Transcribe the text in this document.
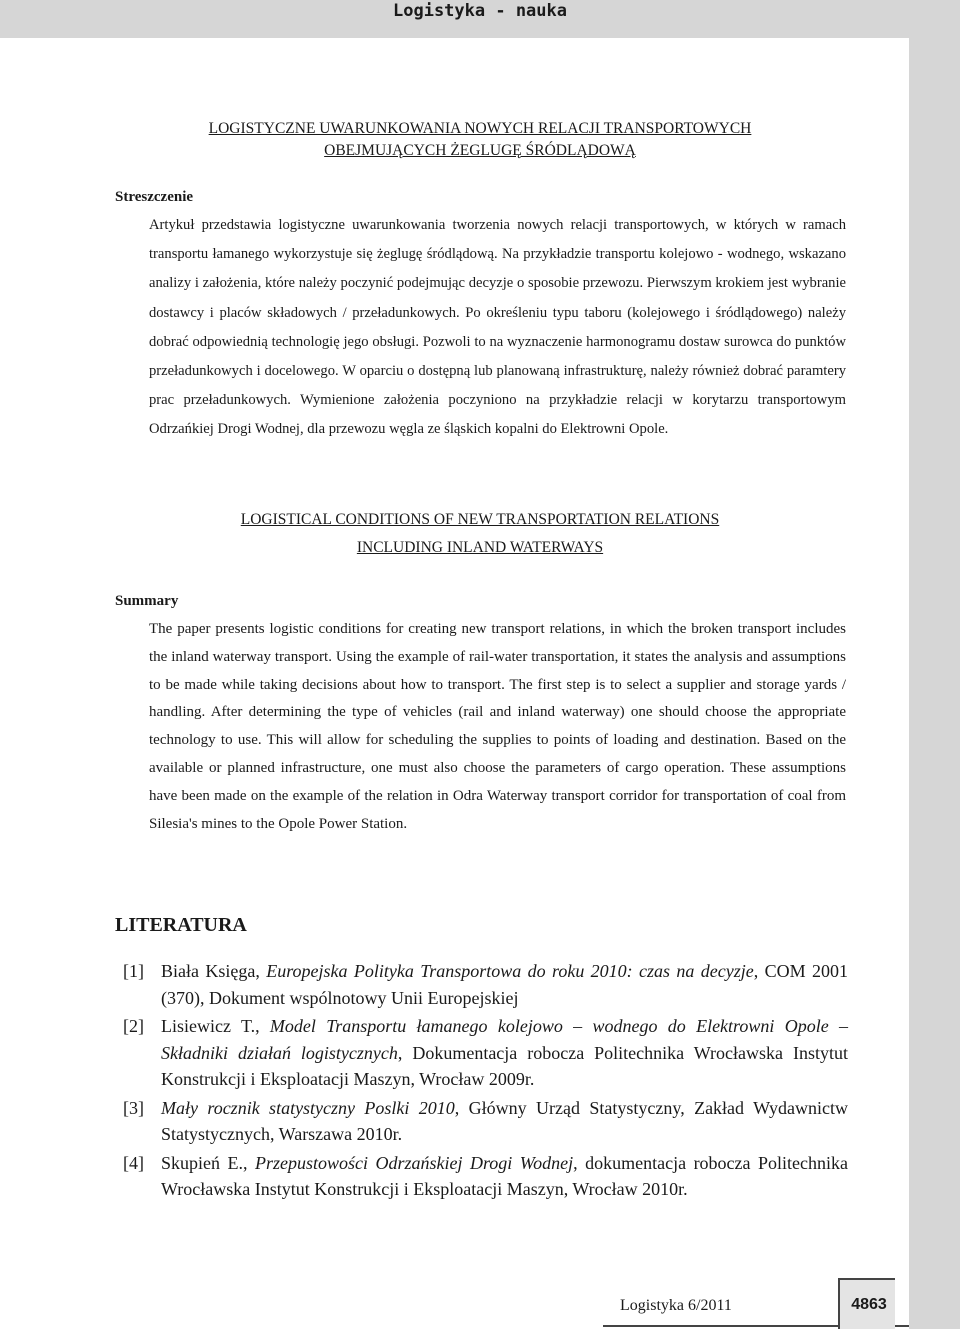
Logistyka - nauka
LOGISTYCZNE UWARUNKOWANIA NOWYCH RELACJI TRANSPORTOWYCH
OBEJMUJĄCYCH ŻEGLUGĘ ŚRÓDLĄDOWĄ
Streszczenie
Artykuł przedstawia logistyczne uwarunkowania tworzenia nowych relacji transportowych, w których w ramach transportu łamanego wykorzystuje się żeglugę śródlądową. Na przykładzie transportu kolejowo - wodnego, wskazano analizy i założenia, które należy poczynić podejmując decyzje o sposobie przewozu. Pierwszym krokiem jest wybranie dostawcy i placów składowych / przeładunkowych. Po określeniu typu taboru (kolejowego i śródlądowego) należy dobrać odpowiednią technologię jego obsługi. Pozwoli to na wyznaczenie harmonogramu dostaw surowca do punktów przeładunkowych i docelowego. W oparciu o dostępną lub planowaną infrastrukturę, należy również dobrać paramtery prac przeładunkowych. Wymienione założenia poczyniono na przykładzie relacji w korytarzu transportowym Odrzańkiej Drogi Wodnej, dla przewozu węgla ze śląskich kopalni do Elektrowni Opole.
LOGISTICAL CONDITIONS OF NEW TRANSPORTATION RELATIONS
INCLUDING INLAND WATERWAYS
Summary
The paper presents logistic conditions for creating new transport relations, in which the broken transport includes the inland waterway transport. Using the example of rail-water transportation, it states the analysis and assumptions to be made while taking decisions about how to transport. The first step is to select a supplier and storage yards / handling. After determining the type of vehicles (rail and inland waterway) one should choose the appropriate technology to use. This will allow for scheduling the supplies to points of loading and destination. Based on the available or planned infrastructure, one must also choose the parameters of cargo operation. These assumptions have been made on the example of the relation in Odra Waterway transport corridor for transportation of coal from Silesia's mines to the Opole Power Station.
LITERATURA
[1] Biała Księga, Europejska Polityka Transportowa do roku 2010: czas na decyzje, COM 2001 (370), Dokument wspólnotowy Unii Europejskiej
[2] Lisiewicz T., Model Transportu łamanego kolejowo – wodnego do Elektrowni Opole – Składniki działań logistycznych, Dokumentacja robocza Politechnika Wrocławska Instytut Konstrukcji i Eksploatacji Maszyn, Wrocław 2009r.
[3] Mały rocznik statystyczny Poslki 2010, Główny Urząd Statystyczny, Zakład Wydawnictw Statystycznych, Warszawa 2010r.
[4] Skupień E., Przepustowości Odrzańskiej Drogi Wodnej, dokumentacja robocza Politechnika Wrocławska Instytut Konstrukcji i Eksploatacji Maszyn, Wrocław 2010r.
Logistyka 6/2011	4863
